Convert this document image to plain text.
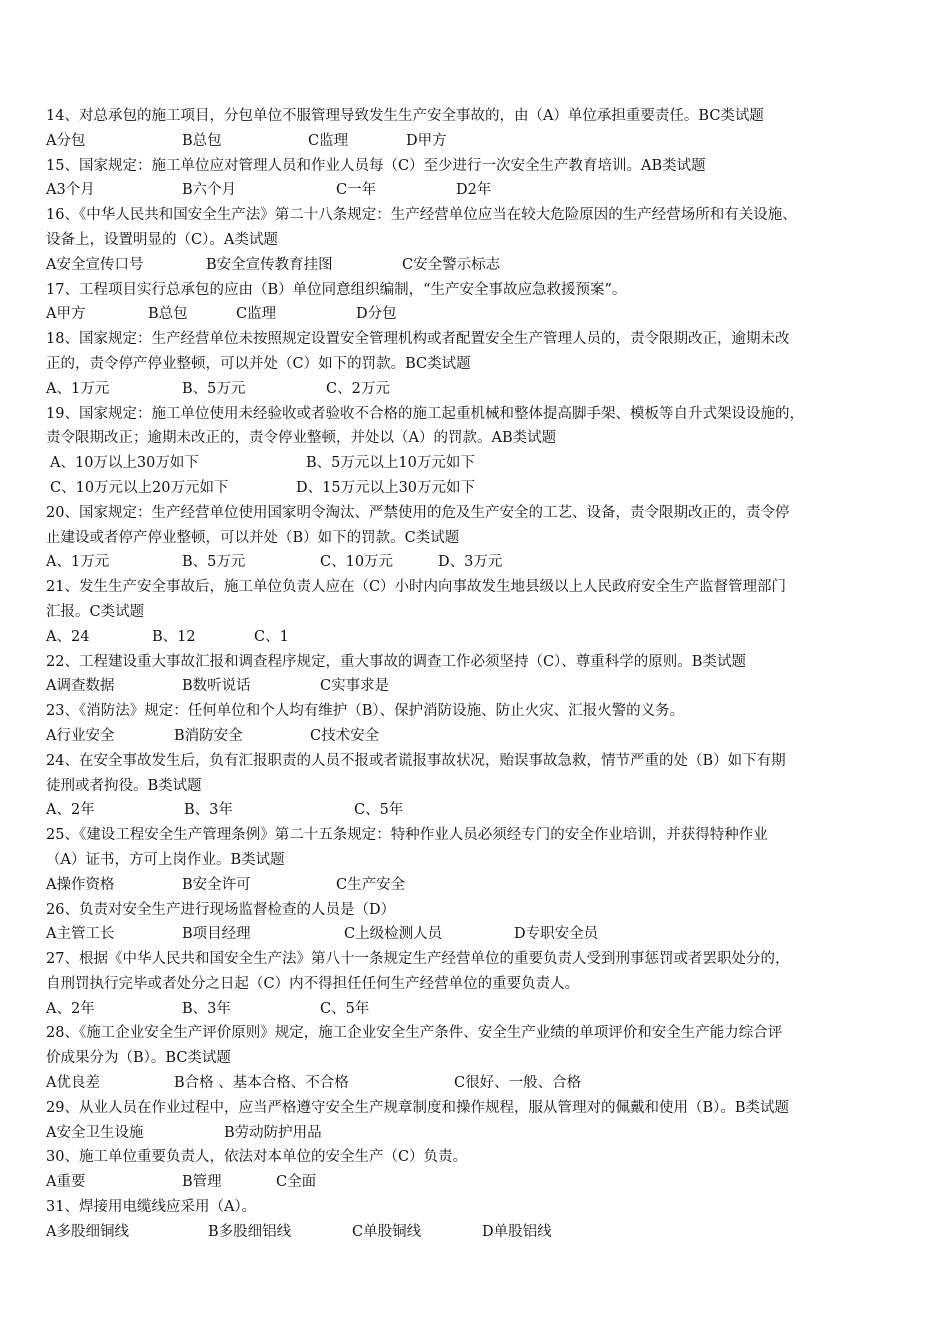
14、对总承包的施工项目，分包单位不服管理导致发生生产安全事故的，由（A）单位承担重要责任。BC类试题
A分包	B总包	C监理	D甲方
15、国家规定：施工单位应对管理人员和作业人员每（C）至少进行一次安全生产教育培训。AB类试题
A3个月	B六个月	C一年	D2年
16、《中华人民共和国安全生产法》第二十八条规定：生产经营单位应当在较大危险原因的生产经营场所和有关设施、
设备上，设置明显的（C）。A类试题
A安全宣传口号	B安全宣传教育挂图	C安全警示标志
17、工程项目实行总承包的应由（B）单位同意组织编制，“生产安全事故应急救援预案”。
A甲方	B总包	C监理	D分包
18、国家规定：生产经营单位未按照规定设置安全管理机构或者配置安全生产管理人员的，责令限期改正，逾期未改
正的，责令停产停业整顿，可以并处（C）如下的罚款。BC类试题
A、1万元	B、5万元	C、2万元
19、国家规定：施工单位使用未经验收或者验收不合格的施工起重机械和整体提高脚手架、模板等自升式架设设施的，
责令限期改正；逾期未改正的，责令停业整顿，并处以（A）的罚款。AB类试题
A、10万以上30万如下	B、5万元以上10万元如下
C、10万元以上20万元如下	D、15万元以上30万元如下
20、国家规定：生产经营单位使用国家明令淘汰、严禁使用的危及生产安全的工艺、设备，责令限期改正的，责令停
止建设或者停产停业整顿，可以并处（B）如下的罚款。C类试题
A、1万元	B、5万元	C、10万元	D、3万元
21、发生生产安全事故后，施工单位负责人应在（C）小时内向事故发生地县级以上人民政府安全生产监督管理部门
汇报。C类试题
A、24	B、12	C、1
22、工程建设重大事故汇报和调查程序规定，重大事故的调查工作必须坚持（C）、尊重科学的原则。B类试题
A调查数据	B数听说话	C实事求是
23、《消防法》规定：任何单位和个人均有维护（B）、保护消防设施、防止火灾、汇报火警的义务。
A行业安全	B消防安全	C技术安全
24、在安全事故发生后，负有汇报职责的人员不报或者谎报事故状况，贻误事故急救，情节严重的处（B）如下有期
徒刑或者拘役。B类试题
A、2年	B、3年	C、5年
25、《建设工程安全生产管理条例》第二十五条规定：特种作业人员必须经专门的安全作业培训，并获得特种作业
（A）证书，方可上岗作业。B类试题
A操作资格	B安全许可	C生产安全
26、负责对安全生产进行现场监督检查的人员是（D）
A主管工长	B项目经理	C上级检测人员	D专职安全员
27、根据《中华人民共和国安全生产法》第八十一条规定生产经营单位的重要负责人受到刑事惩罚或者罢职处分的，
自刑罚执行完毕或者处分之日起（C）内不得担任任何生产经营单位的重要负责人。
A、2年	B、3年	C、5年
28、《施工企业安全生产评价原则》规定，施工企业安全生产条件、安全生产业绩的单项评价和安全生产能力综合评
价成果分为（B）。BC类试题
A优良差	B合格 、基本合格、不合格	C很好、一般、合格
29、从业人员在作业过程中，应当严格遵守安全生产规章制度和操作规程，服从管理对的佩戴和使用（B）。B类试题
A安全卫生设施	B劳动防护用品
30、施工单位重要负责人，依法对本单位的安全生产（C）负责。
A重要	B管理	C全面
31、焊接用电缆线应采用（A）。
A多股细铜线	B多股细铝线	C单股铜线	D单股铝线
